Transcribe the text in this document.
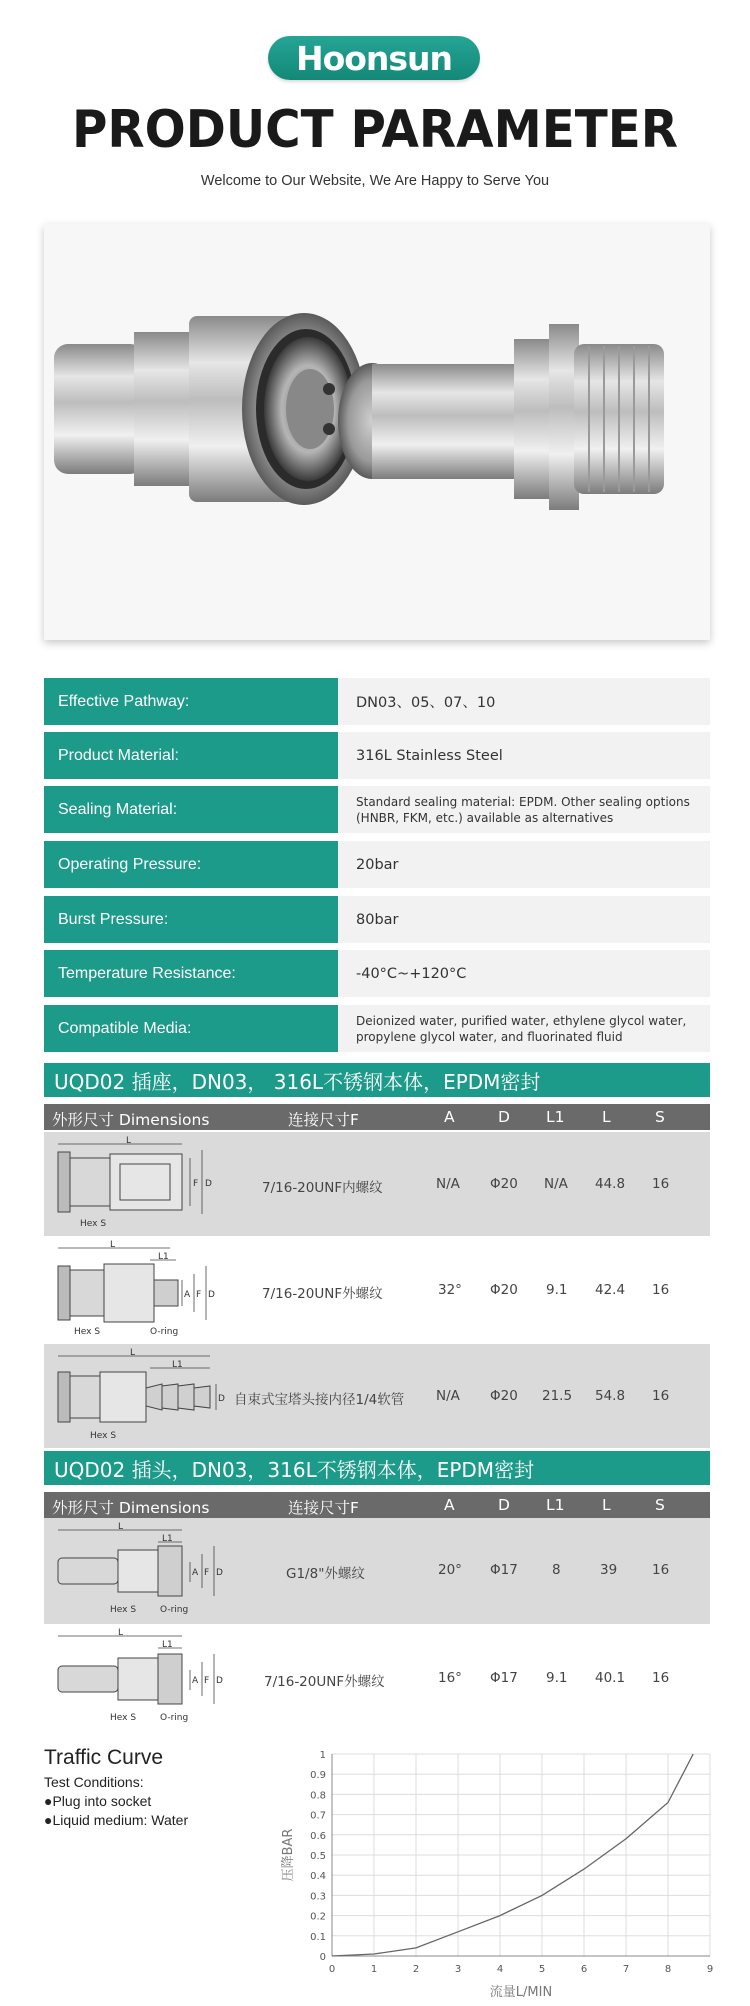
Hoonsun
PRODUCT PARAMETER
Welcome to Our Website, We Are Happy to Serve You
Effective Pathway:	DN03、05、07、10
Product Material:	316L Stainless Steel
Sealing Material:	Standard sealing material: EPDM. Other sealing options (HNBR, FKM, etc.) available as alternatives
Operating Pressure:	20bar
Burst Pressure:	80bar
Temperature Resistance:	-40°C~+120°C
Compatible Media:	Deionized water, purified water, ethylene glycol water, propylene glycol water, and fluorinated fluid
UQD02 插座，DN03， 316L不锈钢本体，EPDM密封
外形尺寸 Dimensions	连接尺寸F	A	D L1 L	S
L
F D
Hex S
7/16-20UNF内螺纹	N/A Φ20 N/A 44.8 16
L
L1
A F D
Hex S	O-ring
7/16-20UNF外螺纹	32° Φ20 9.1 42.4 16
L
L1
D
Hex S
自束式宝塔头接内径1/4软管 N/A Φ20 21.5 54.8 16
UQD02 插头，DN03，316L不锈钢本体，EPDM密封
外形尺寸 Dimensions	连接尺寸F	A	D L1 L	S
L
L1
A F D
Hex S	O-ring
G1/8"外螺纹	20° Φ17	8	39	16
L
L1
A F D
Hex S	O-ring
7/16-20UNF外螺纹	16° Φ17 9.1 40.1 16
Traffic Curve
Test Conditions:
●Plug into socket
●Liquid medium: Water
0	1	2	3	4	5	6	7	8	9
0
0.1
0.2
0.3
0.4
0.5
0.6
0.7
0.8
0.9
1
流量L/MIN
压降BAR
